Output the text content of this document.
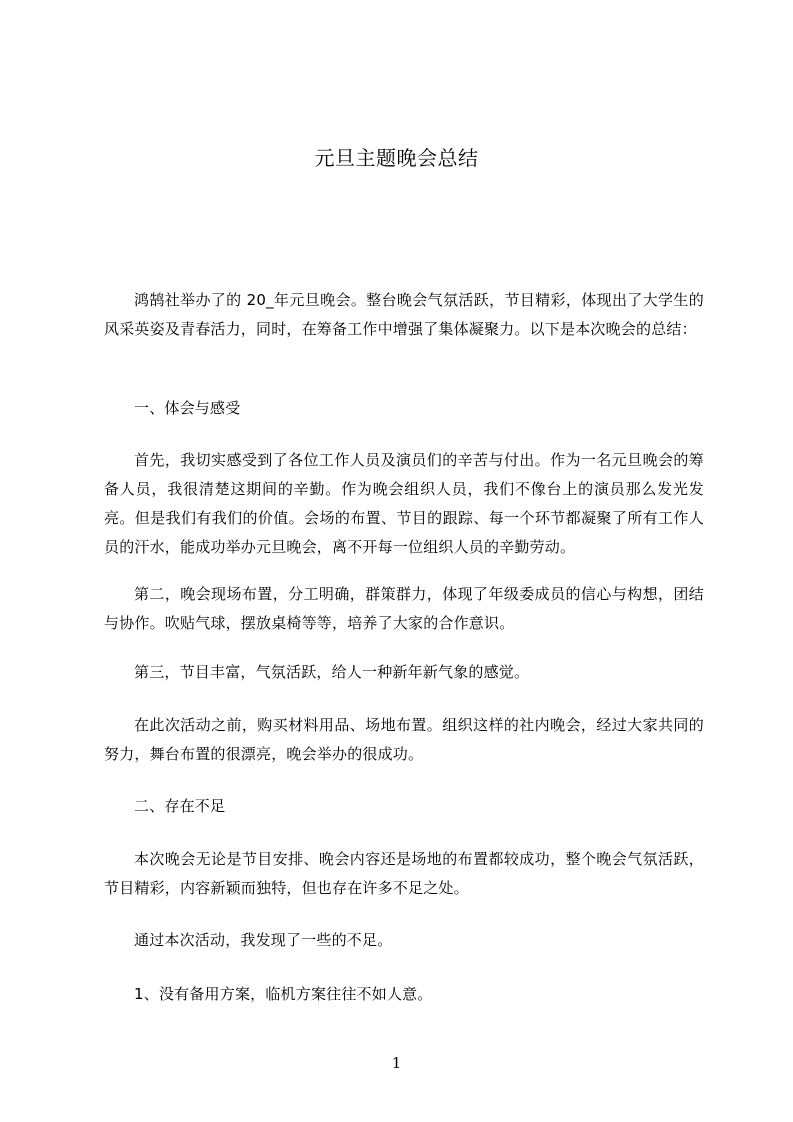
元旦主题晚会总结
鸿鹄社举办了的 20_年元旦晚会。整台晚会气氛活跃，节目精彩，体现出了大学生的风采英姿及青春活力，同时，在筹备工作中增强了集体凝聚力。以下是本次晚会的总结：
一、体会与感受
首先，我切实感受到了各位工作人员及演员们的辛苦与付出。作为一名元旦晚会的筹备人员，我很清楚这期间的辛勤。作为晚会组织人员，我们不像台上的演员那么发光发亮。但是我们有我们的价值。会场的布置、节目的跟踪、每一个环节都凝聚了所有工作人员的汗水，能成功举办元旦晚会，离不开每一位组织人员的辛勤劳动。
第二，晚会现场布置，分工明确，群策群力，体现了年级委成员的信心与构想，团结与协作。吹贴气球，摆放桌椅等等，培养了大家的合作意识。
第三，节目丰富，气氛活跃，给人一种新年新气象的感觉。
在此次活动之前，购买材料用品、场地布置。组织这样的社内晚会，经过大家共同的努力，舞台布置的很漂亮，晚会举办的很成功。
二、存在不足
本次晚会无论是节目安排、晚会内容还是场地的布置都较成功，整个晚会气氛活跃，节目精彩，内容新颖而独特，但也存在许多不足之处。
通过本次活动，我发现了一些的不足。
1、没有备用方案，临机方案往往不如人意。
1
